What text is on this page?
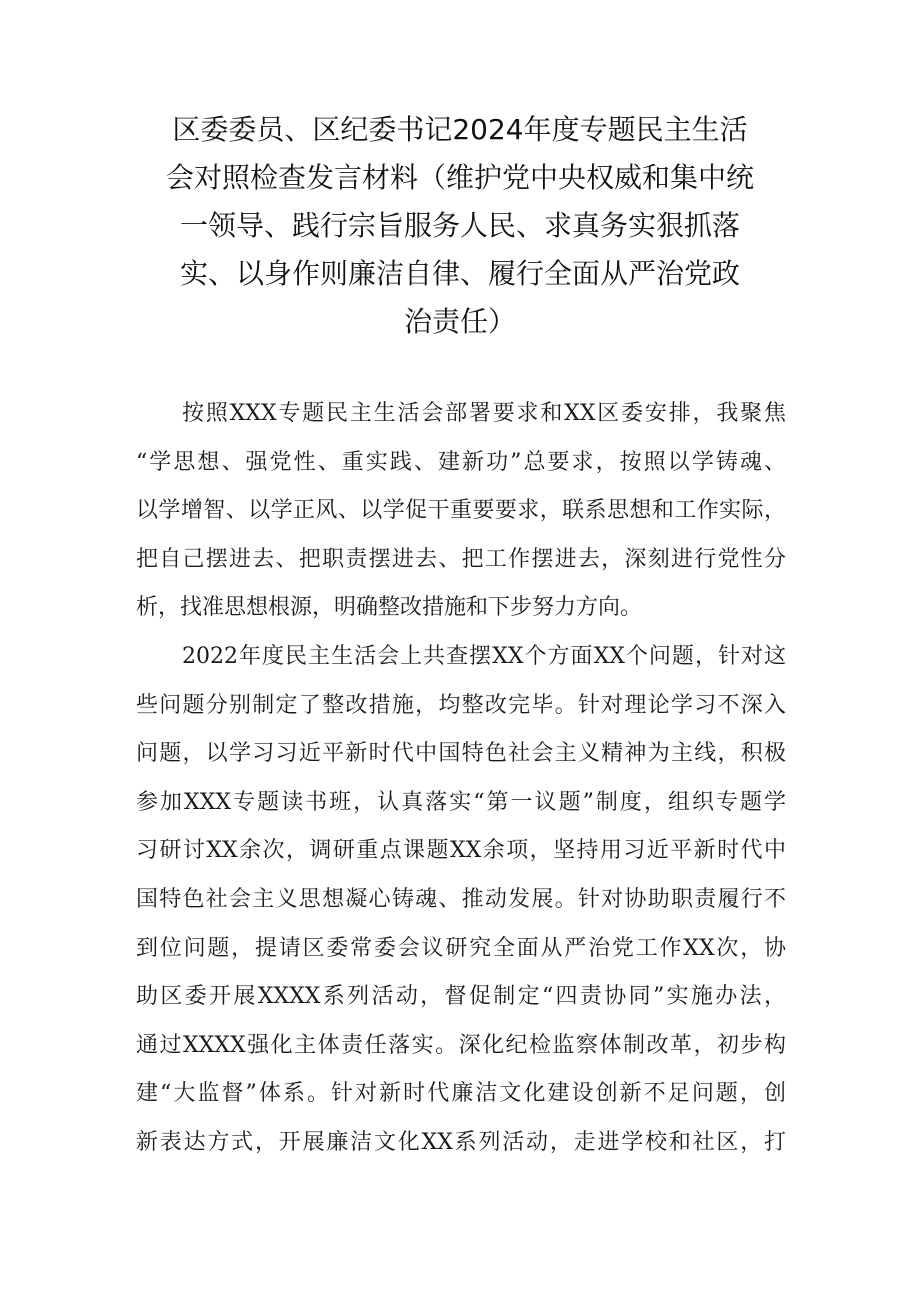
区委委员、区纪委书记2024年度专题民主生活
会对照检查发言材料（维护党中央权威和集中统
一领导、践行宗旨服务人民、求真务实狠抓落
实、以身作则廉洁自律、履行全面从严治党政
治责任）

按照XXX专题民主生活会部署要求和XX区委安排，我聚焦
“学思想、强党性、重实践、建新功”总要求，按照以学铸魂、
以学增智、以学正风、以学促干重要要求，联系思想和工作实际，
把自己摆进去、把职责摆进去、把工作摆进去，深刻进行党性分
析，找准思想根源，明确整改措施和下步努力方向。

2022年度民主生活会上共查摆XX个方面XX个问题，针对这
些问题分别制定了整改措施，均整改完毕。针对理论学习不深入
问题，以学习习近平新时代中国特色社会主义精神为主线，积极
参加XXX专题读书班，认真落实“第一议题”制度，组织专题学
习研讨XX余次，调研重点课题XX余项，坚持用习近平新时代中
国特色社会主义思想凝心铸魂、推动发展。针对协助职责履行不
到位问题，提请区委常委会议研究全面从严治党工作XX次，协
助区委开展XXXX系列活动，督促制定“四责协同”实施办法，
通过XXXX强化主体责任落实。深化纪检监察体制改革，初步构
建“大监督”体系。针对新时代廉洁文化建设创新不足问题，创
新表达方式，开展廉洁文化XX系列活动，走进学校和社区，打
